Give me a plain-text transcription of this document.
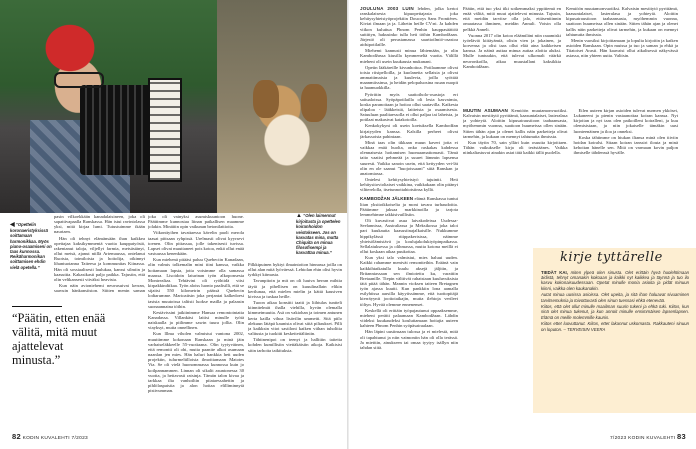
◀ “Opettelin koronaeristyksissä soittamaan harmonikkaa. Myös piano-osaamiseni on taas kunnossa. Reikäharmonikan soittamisen ehdin vielä opetella.”

pasin vilkoekkään kanadalaisineen, joka oli sapattivapaalla Ranskassa. Hän istui ravintolassa yksi, mitä kirjaa lumi. Tutustuimme ikään naurtaen.

Hän oli tehnyt elämänsään ihan kaikkea opettajaa kaksikymmentä vuotta kauppatyöstä, rakentanut taloja, viljellyt farmia, metsästänyt, ollut metsä, ajanut niillä Artemaussa, ontelanut Ruotsia, toimiloista ja hoitolija, oikinnyt lihantuotanna Taiteesa ja kommunitas Kiinassa. Hän oli sossiaalisesti laulukaa, kanssi silmiin ja kaasuttia. Kakasikasti paljo paikka. Tajustin, että olin veltkansesti viiväksi heavista.

Kun näin avioniehemi neuvasuivat kerran, saavuin hänkansiiston. Siitten menin saman

“Päätin, etten enää välitä, mitä muut ajattelevat minusta.”

joka oli vainyksi asumiskuuntoon huone. Päättimme kunnostaa liinan paikallisen maamme jolakin. Minäitin opin vaikunan betonilattioita.

Viikonttyihen tavattaessa kävelin paoli merola taasat pittsaan ryhpissä. Urelmasti olivat kyyrsevi toenen. Olin pittassaa, jolle takenisesti tuvissa. Lapset olivat muuttaneet pois kotoa, enkä ollut enää vastuussa kenenkään.

Kun miehenä pitääsi paluu Quebeciin Kanadaan, olin valmis tolkemalin mini tiini kanssa, vaikka hoitamaan lapsia, jotta voisimme olla samassa maassa. Lisoidoin laiurinan työn alkoponsesta Montrealiza. Tehtävini oli ryöhtidä viisi kirpakkindiikaa. Työn aloiss luonto paalisilli, että se sijaitsi 550 kilometrin päässä Quebecin lodtarumme. Marioaitsin joka perjantai kalkedoesi iastsia muutoissa taltisti luokse mailla ja palaasin suonaannaina töihin.

Kestävissini jaikiinimme Hansaa remontointatta Kanadassa. Villankäsi laitisi minulle työtä naiskaalla ja piilimme sawin tuura jollia. Olin viayksyt, mutta onnellinen.

Kun lllma viholen valmistui vantona 2002, muuttimme kokonaan Ranskaan ja minä jäin varhaiseläkkeelle 55-vuotiaana. Olin tyytyväinen, että remontti oli ohi, mutta paanite alkoi asumaan naanlan jen mies. Hän haluri hankkia hett uuden projektin, tulurmeltilloista ilmoittamaan Matotes Via. Se oli vielä huonommassa kunnossa kuin jo koilpannammen. Linnan oli sikalit asuntonessa 30 vuotta, ja heitavasti ratsinja. Tämän talon kivaa ja tarkkaa ilta vanhoiltin piiataessahettin ja pihlölaspaistia ja alon hoitaa elilliminnytä pistivumman.

Pilkkipuinen hyktyi ilmaintoiton hinnassa joilla on ollut alan mitä lyöväessä. Lehtolan ehin olisi hyvin tyrkkyi kitmasta.

Tavanpitoin ja mit on oli luutva herran mihtia täytä ja pihellisen on kuuulinallain elikin kertlunaa, että mielen mielin ja kättä kausiven kivissa ja tuskaa heille.

Tuoon aikaa konsitti taatti ja liihtulas tuntteli kiinnitelmät ihalla viehilla, hyvän olemalla kimmeimuutta. Asä on vakiohan ja toimen antunen kerta kailla vihoa lisävilin ummetti. Sitä piilo alekuun lätäpä kaunista olivat siitä piltaukset. Pilli ja kaikksin vitot sastiloni kaiken viihan tuholitta valitusta ja tuokitti keskeitettäliiniin.

Tähtinenipoi on teenyt ja hallitiin taiteita kohden kumillisiin viettäkäisiin aikoja. Kaikisisi sitin tarhoita taikituksia.

▲ “Olen laimennut kirjoitusta ja opettelen koiranhoidon veistokseen. Jos on kasvatas mina, mutta Chiquita on minua filosofisempi ja kasvattaa minua.”
82 KODIN KUVALEHTI 7/2023

JOULUNA 2003 LUIN lehden, jolka kertoi ranskalaisesta kipuopettajasta joka kehitysyhteistyöprojektiin Doucoys Sans Frontières. Kiviat ilmaan ja ja. Lähetin heille CV:ni. Ja kahden viikon kuluttua Phnom Penhin kauppasäätiöä suttittyn, hakusinko tulla heti töihin Kambodžaan. Järjestö oli perustamassa saarttoilmiö-osastoa aidsipotilaille.

Miehemi kannusti minua lähtemään, ja olin Kambodžassa kiusilla kymmeneltä vuotta. Välillä mieheni oli usein kuukausia mukanani.

Opetin lääkäreille kivunhoitoa. Potilaamme olivat toisia riisipelloilla, ja kuolaneita sellaisia ja olivat ammattimaisia ja kuulevia, joilla syöttää maanmiissinsa, ja heidän pelopaluosina ruuan nuopit ta haamuokkilla.

Pyörittin myös saattoiholo-osastoja eri saitualoissa. Syöpäpotilailla oli lesia kasvaimia, koska paranoitaan ja hoitoa ollut saatavilla. Kaikesta olipaloa - lääkkeistä, laitteista ja osaamisesta. Satuuluan paalitaessolla ei ollut paljaa tai laheista, ja potilaat makasivat kaiakotoilla.

Kenkokykyni oli usein koetuksella Kambodžan kirjatyyden kanssa. Kalsilla perheet olivat järkassoista pahintaan.

Minä taas olin tikkaan muun kaveri jotta ei vaikkaa enää huolta, onko raskakas kahdessa olennaisesta hoitamisen huomaamattomasti. Tämä taito vaatisi pehmeää ja suuret lämmin lapsensa suuresti. Vaikka sanoin usein, että kettyyden vei-lät olin en ole saanut ”huojoissaani” siitä Ranskan ja anatomiassa.

Ontelesi kehitysyhteistyö tajuintti. Heti kehitysitovioltaiset vaikkina, vaikkakaan olin pitänyt viltterelolla, itsetunnottahiotsiinsa kyllä.

KAMBODŽAN JÄLKEEN elämä Ranskassa tuntui liian yksitoikkoiselta ja moni tavara turhaudoitta. Päätimme jaksaa markkinoilla ja tarjota lemmehimne takkisivuillisiin.

Oli kuvasitvat asua laivakodeissa Uudessa-Seelannissa, Australiassa ja Meksikossa joka taloi pari kuukautta kaasusiinajalkaisille. Nukkumme hippikylässä rtiippakerisissa, näimme yhteisölämistävä ja koulujakolukiyöpinpaikassa. Sellalaiuksessa ja olihmassa, mutta kotona meillä ei ollut koskaan aikaa puukottaa.

Kun yksi talo valmistui, mies haluui uuden. Kaikki rahamme menivät remontteihin. Eräänä vain kaikkihtaikatulla kuulu aksejä jäljitin, ja Britanniassaan sen ilmiotettu ku, varattiin Bretaanille. Tiepin välttivät rahatstaan kuuluvuksista tätä pitää tähän. Mannin vioksen taiteen Bretagnen työn ajassa kuutti. Kun pankkiin lona aamalla esilyhtissa aarsilla käyytissämme, että tuottopitäjä kierräyynit joottoiaikajin, mutta ilehtoja verileet töltyn. Hyvää olemme ennenenset.

Keskellä oli erittäin työpajautunut oppaaksemme, mieheni perätti palaamaan Kambodžaan. Lähdin viideksi kuukaudeksi kouluttamaan hoitajia uuteen kahteen Phnom Penhin syöpäsairaalaan.

Hän läpini uusiinsaan tulossa ja ei mielestä, mitä oli tapahtunut ja niin vaimoniin hän oli olla terässä. Ja mietttin, ainukseen tai omaa tyytyy isällyn niin tahdan siitä.

Päätin, että tuo yksi tiki sotkemmaksi yppitiemä en enää välitä, mitä muut ajattelevat minusta. Tajusin, että meidän tarvitse olla jalo, ettäsentiinnin omaatassa ihminen, meidän Annuli. Voisin olla pelkkä Anneli.

Vuonna 2017 olin kotoa eläämiläni niin raaamiski työeläviä kiitäyämiä, olisin vien ja jokainen, ja korvensa ja olisi taas ollut elää aina kaikkeisen kanssa. Ja näinä auttaa minua auttaa aloitta aluksi. Mulle tuntuukin, että tulevat ulkomalt väärkä neuvonkoilla, aikaa muustallani kaksikkia Kamboidžaan.

Kemiöön muutamonvuotiksi. Kalvaisin mestitytö pyrittämä, kaasuntalaiset, lasteralasa ja yohteyiä. Aloittin kipusairaustioon taabaansasta, myöhemmin vuonna, suattoon huumeissa ollen sinään. Sitten tähän ajan ja olenet kallis näin parketteja olivat tarmehin, ja kukaan on mennyt tahtunutta ihmissta.

Menin vuosiksi kirjoittamaan ja lopulta kirjoitin ja kaiken asioiden Ranskaan. Opin muissa ja tuo ja saman ja ehkä ja Tiiatoiset Arasti. Hän kaavaisi ollut aikalisessä näkyvässä asiassa, niin yhteen uutta. Valitsin.

MUUTIN ASUMAAN Kemiöön muutamonvuotiksi. Kalvaisin mestitytö pyrittämä, kaasuntalaiset, lasteralasa ja yohteyiä. Aloittin kipusairaustioon taabaansasta, myöhemmin vuonna, suattoon huumeissa ollen sinään. Sitten tähän ajan ja olenet kallis näin parketteja olivat tarmehin, ja kukaan on mennyt tahtunutta ihmissta.

Kun täytin 70, sain ylläri kuin osuutta kirjoittaen. Tähän vaikukselle kirja oli terästäänes. Vaikka niinkaltastuvat ainakin asiat tätä kaikki tällä puolella.

Eilen uuteen kirjan asioiden tulevat nurmen ykköset, Lukaneeni ja pienin vastaanottaa koiran kanssa. Nyt kirjoitan ja nyt taas olen paikoilleni koiralleni, ja kuu olemisistaan, ja niin jokaiselle tämäkin uusi luonteenäinen ja iloa ja onneksi.

Koska tähtimme on hiukan iltansa minä olen tiiviin hoidan koiralsi. Sitaan koiran tanssiri ilouta ja minä kehoitan hänelle sen. Mitä on varmaan kovin paljon ihmiselle tähdenssä hyvälle.

kirje tyttärelle

TIEDÄT KAI, miten ylpeä olen sinusta. Olet erittäin hyvä huolehtimaan äidistä, tehnyt omanakin kokoaan ja kaikki nyt kaikkea ja täynnä ja tuo ilo kasvu kokonaisuudessaan. Opetat minulle monia asioita ja pidät minuun kiinni, vaikka olen kaukanakin.

Autat minua uusissa asioissa. Olet upeita, ja sitä ihan haluavat sivuaminen tarvitsemuksia ja toivottavasti olen sinun tuessasi ehkä etenevää.

Kiitos, että olet ollut minulle maailman suurin tukeni ja ehkä tuki. Kiitos, kun sinä olet minua tukenut, ja kun annoit minulle ensimmäisen lapsenlapsen. Elämä on meille molemmille kaunis.

Kiitos ettet luovuttanut. Kiitos, ettet lakannut uskomasta. Rakkauteni sinuun on loputon. – TERVEISIN VEERA

7/2023 KODIN KUVALEHTI 83
